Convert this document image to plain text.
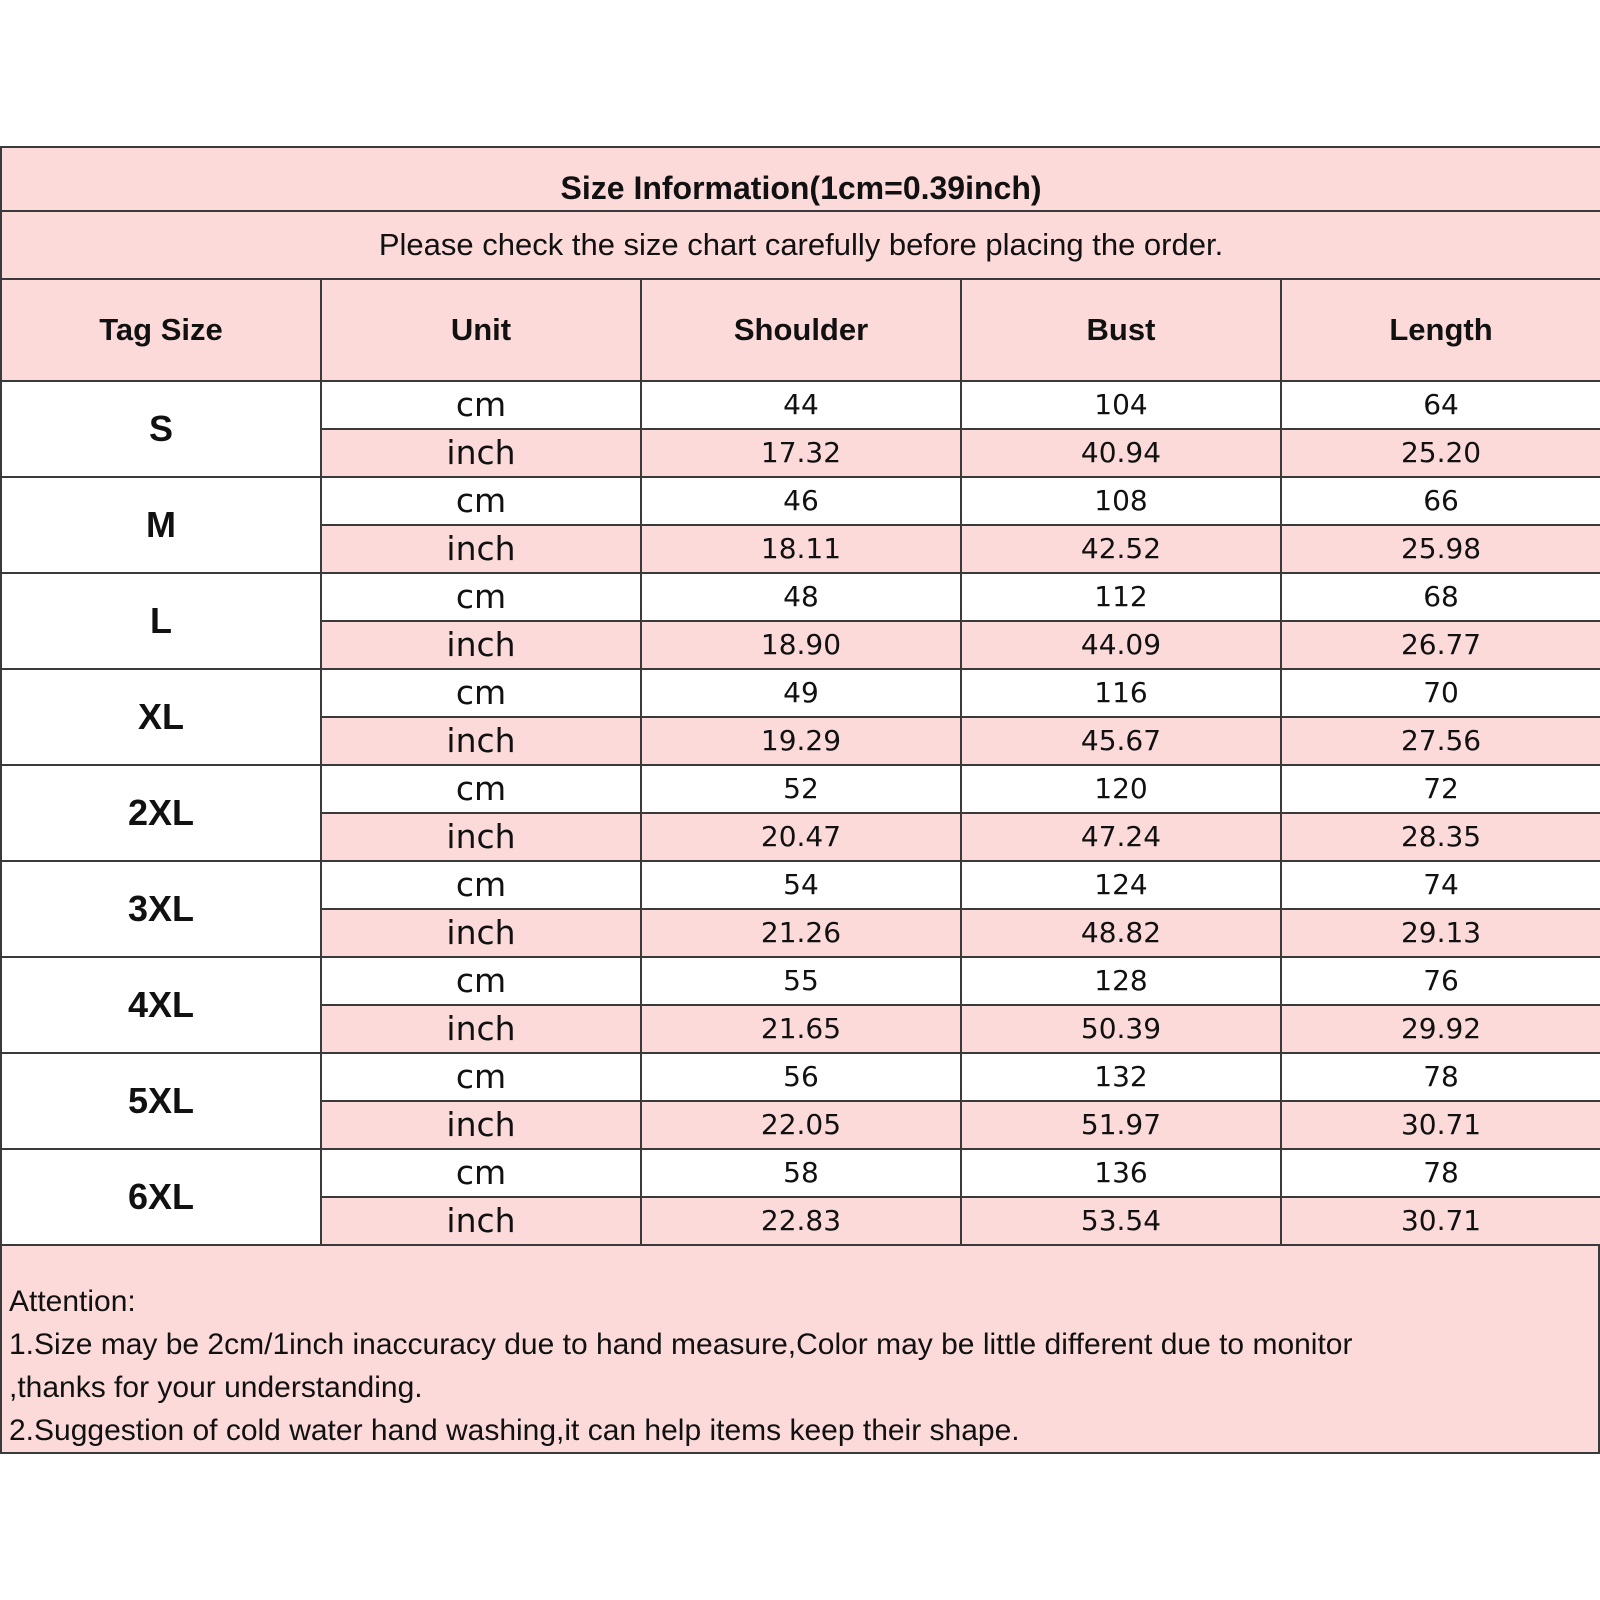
Size Information(1cm=0.39inch)				
Please check the size chart carefully before placing the order.				
Tag Size	Unit	Shoulder	Bust	Length
S	cm	44	104	64
	inch	17.32	40.94	25.20
M	cm	46	108	66
	inch	18.11	42.52	25.98
L	cm	48	112	68
	inch	18.90	44.09	26.77
XL	cm	49	116	70
	inch	19.29	45.67	27.56
2XL	cm	52	120	72
	inch	20.47	47.24	28.35
3XL	cm	54	124	74
	inch	21.26	48.82	29.13
4XL	cm	55	128	76
	inch	21.65	50.39	29.92
5XL	cm	56	132	78
	inch	22.05	51.97	30.71
6XL	cm	58	136	78
	inch	22.83	53.54	30.71
Attention:
1.Size may be 2cm/1inch inaccuracy due to hand measure,Color may be little different due to monitor
,thanks for your understanding.
2.Suggestion of cold water hand washing,it can help items keep their shape.
